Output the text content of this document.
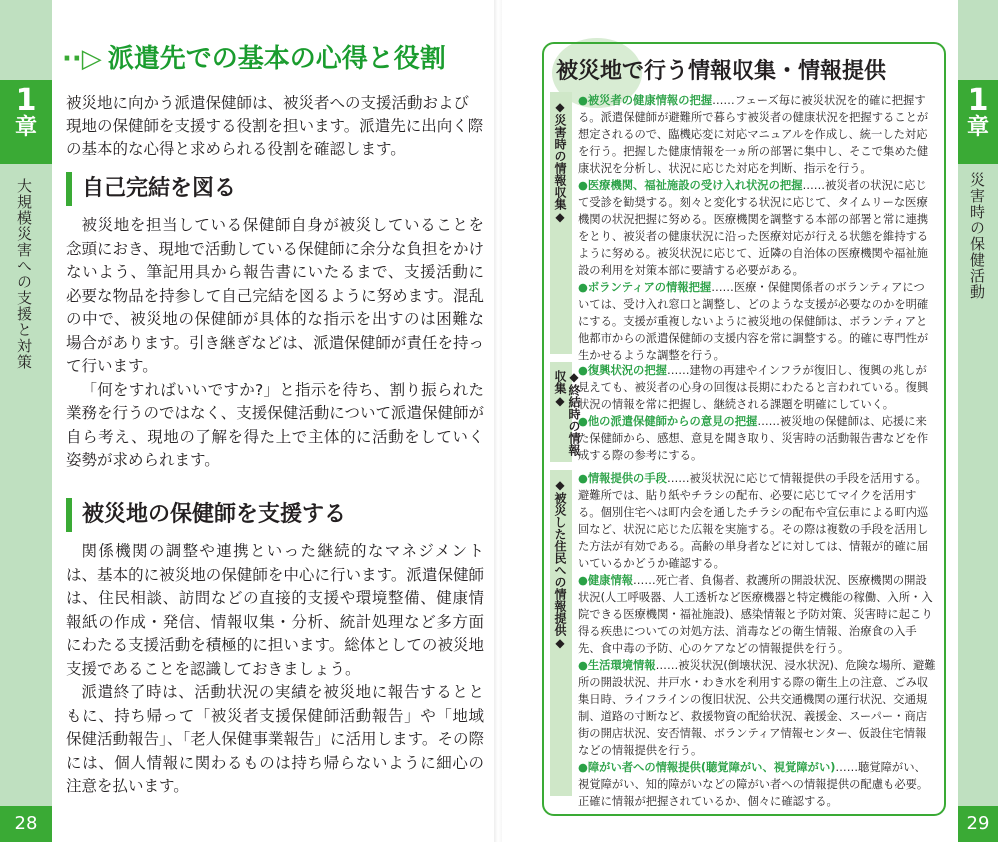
1
章
大規模災害への支援と対策
28
··▷ 派遣先での基本の心得と役割
被災地に向かう派遣保健師は、被災者への支援活動および現地の保健師を支援する役割を担います。派遣先に出向く際の基本的な心得と求められる役割を確認します。
自己完結を図る

被災地を担当している保健師自身が被災していることを念頭におき、現地で活動している保健師に余分な負担をかけないよう、筆記用具から報告書にいたるまで、支援活動に必要な物品を持参して自己完結を図るように努めます。混乱の中で、被災地の保健師が具体的な指示を出すのは困難な場合があります。引き継ぎなどは、派遣保健師が責任を持って行います。

「何をすればいいですか?」と指示を待ち、割り振られた業務を行うのではなく、支援保健活動について派遣保健師が自ら考え、現地の了解を得た上で主体的に活動をしていく姿勢が求められます。

被災地の保健師を支援する

関係機関の調整や連携といった継続的なマネジメントは、基本的に被災地の保健師を中心に行います。派遣保健師は、住民相談、訪問などの直接的支援や環境整備、健康情報紙の作成・発信、情報収集・分析、統計処理など多方面にわたる支援活動を積極的に担います。総体としての被災地支援であることを認識しておきましょう。

派遣終了時は、活動状況の実績を被災地に報告するとともに、持ち帰って「被災者支援保健師活動報告」や「地域保健活動報告」、「老人保健事業報告」に活用します。その際には、個人情報に関わるものは持ち帰らないように細心の注意を払います。

1
章
災害時の保健活動
29
被災地で行う情報収集・情報提供
◆災害時の情報収集◆ ●被災者の健康情報の把握……フェーズ毎に被災状況を的確に把握する。派遣保健師が避難所で暮らす被災者の健康状況を把握することが想定されるので、臨機応変に対応マニュアルを作成し、統一した対応を行う。把握した健康情報を一ヵ所の部署に集中し、そこで集めた健康状況を分析し、状況に応じた対応を判断、指示を行う。

●医療機関、福祉施設の受け入れ状況の把握……被災者の状況に応じて受診を勧奨する。刻々と変化する状況に応じて、タイムリーな医療機関の状況把握に努める。医療機関を調整する本部の部署と常に連携をとり、被災者の健康状況に沿った医療対応が行える状態を維持するように努める。被災状況に応じて、近隣の自治体の医療機関や福祉施設の利用を対策本部に要請する必要がある。

●ボランティアの情報把握……医療・保健関係者のボランティアについては、受け入れ窓口と調整し、どのような支援が必要なのかを明確にする。支援が重複しないように被災地の保健師は、ボランティアと他都市からの派遣保健師の支援内容を常に調整する。的確に専門性が生かせるような調整を行う。

◆終結時の情報収集◆ ●復興状況の把握……建物の再建やインフラが復旧し、復興の兆しが見えても、被災者の心身の回復は長期にわたると言われている。復興状況の情報を常に把握し、継続される課題を明確にしていく。

●他の派遣保健師からの意見の把握……被災地の保健師は、応援に来た保健師から、感想、意見を聞き取り、災害時の活動報告書などを作成する際の参考にする。

◆被災した住民への情報提供◆ ●情報提供の手段……被災状況に応じて情報提供の手段を活用する。避難所では、貼り紙やチラシの配布、必要に応じてマイクを活用する。個別住宅へは町内会を通したチラシの配布や宣伝車による町内巡回など、状況に応じた広報を実施する。その際は複数の手段を活用した方法が有効である。高齢の単身者などに対しては、情報が的確に届いているかどうか確認する。

●健康情報……死亡者、負傷者、救護所の開設状況、医療機関の開設状況(人工呼吸器、人工透析など医療機器と特定機能の稼働、入所・入院できる医療機関・福祉施設)、感染情報と予防対策、災害時に起こり得る疾患についての対処方法、消毒などの衛生情報、治療食の入手先、食中毒の予防、心のケアなどの情報提供を行う。

●生活環境情報……被災状況(倒壊状況、浸水状況)、危険な場所、避難所の開設状況、井戸水・わき水を利用する際の衛生上の注意、ごみ収集日時、ライフラインの復旧状況、公共交通機関の運行状況、交通規制、道路の寸断など、救援物資の配給状況、義援金、スーパー・商店街の開店状況、安否情報、ボランティア情報センター、仮設住宅情報などの情報提供を行う。

●障がい者への情報提供(聴覚障がい、視覚障がい)……聴覚障がい、視覚障がい、知的障がいなどの障がい者への情報提供の配慮も必要。正確に情報が把握されているか、個々に確認する。
